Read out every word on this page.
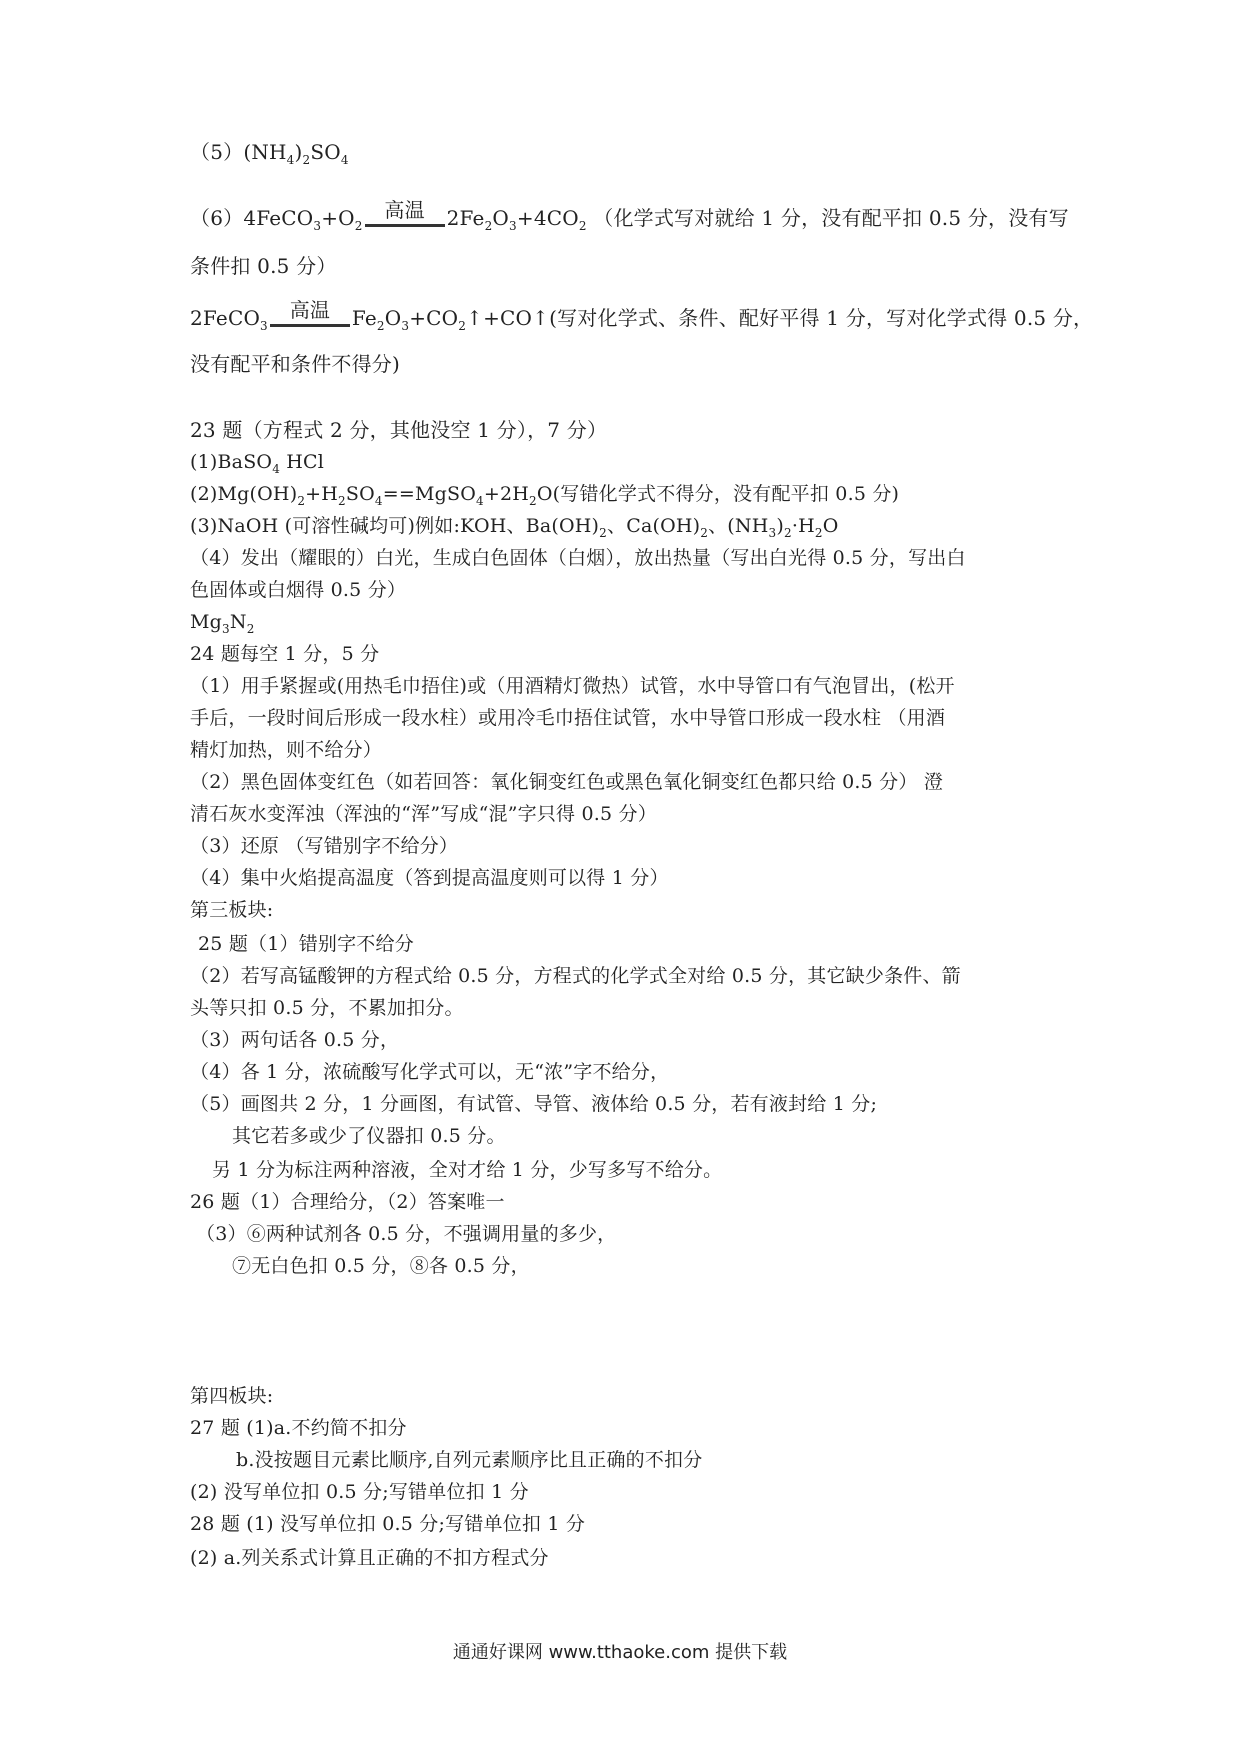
$(5)(NH_4)_2SO_4$
$(6)4FeCO_3+O_2$
高温	$2Fe_2O_3+4CO_2$ （化学式写对就给 1 分，没有配平扣 0.5 分，没有写
条件扣 0.5 分）
2FeCO$_3$
高温	$Fe_2O_3+CO_2↑+CO↑$(写对化学式、条件、配好平得 1 分，写对化学式得 0.5 分，
没有配平和条件不得分)
23 题（方程式 2 分，其他没空 1 分），7 分）
(1)BaSO$_4$ HCl
$(2)Mg(OH)_2+H_2SO_4==MgSO_4+2H_2O$(写错化学式不得分，没有配平扣 0.5 分)
(3)NaOH (可溶性碱均可)例如:KOH、$Ba(OH)_2$、$Ca(OH)_2$、$(NH_3)_2\cdot H_2O$
（4）发出（耀眼的）白光，生成白色固体（白烟），放出热量（写出白光得 0.5 分，写出白
色固体或白烟得 0.5 分）
$Mg_3N_2$
24 题每空 1 分，5 分
（1）用手紧握或(用热毛巾捂住)或（用酒精灯微热）试管，水中导管口有气泡冒出，(松开
手后，一段时间后形成一段水柱）或用冷毛巾捂住试管，水中导管口形成一段水柱 （用酒
精灯加热，则不给分）
（2）黑色固体变红色（如若回答：氧化铜变红色或黑色氧化铜变红色都只给 0.5 分） 澄
清石灰水变浑浊（浑浊的“浑”写成“混”字只得 0.5 分）
（3）还原 （写错别字不给分）
（4）集中火焰提高温度（答到提高温度则可以得 1 分）
第三板块:
25 题（1）错别字不给分
（2）若写高锰酸钾的方程式给 0.5 分，方程式的化学式全对给 0.5 分，其它缺少条件、箭
头等只扣 0.5 分，不累加扣分。
（3）两句话各 0.5 分，
（4）各 1 分，浓硫酸写化学式可以，无“浓”字不给分，
（5）画图共 2 分，1 分画图，有试管、导管、液体给 0.5 分，若有液封给 1 分;
其它若多或少了仪器扣 0.5 分。
另 1 分为标注两种溶液，全对才给 1 分，少写多写不给分。
26 题（1）合理给分，（2）答案唯一
（3）⑥两种试剂各 0.5 分，不强调用量的多少，
⑦无白色扣 0.5 分，⑧各 0.5 分，
第四板块:
27 题 (1)a.不约简不扣分
b.没按题目元素比顺序,自列元素顺序比且正确的不扣分
(2) 没写单位扣 0.5 分;写错单位扣 1 分
28 题 (1) 没写单位扣 0.5 分;写错单位扣 1 分
(2) a.列关系式计算且正确的不扣方程式分
通通好课网 www.tthaoke.com 提供下载
